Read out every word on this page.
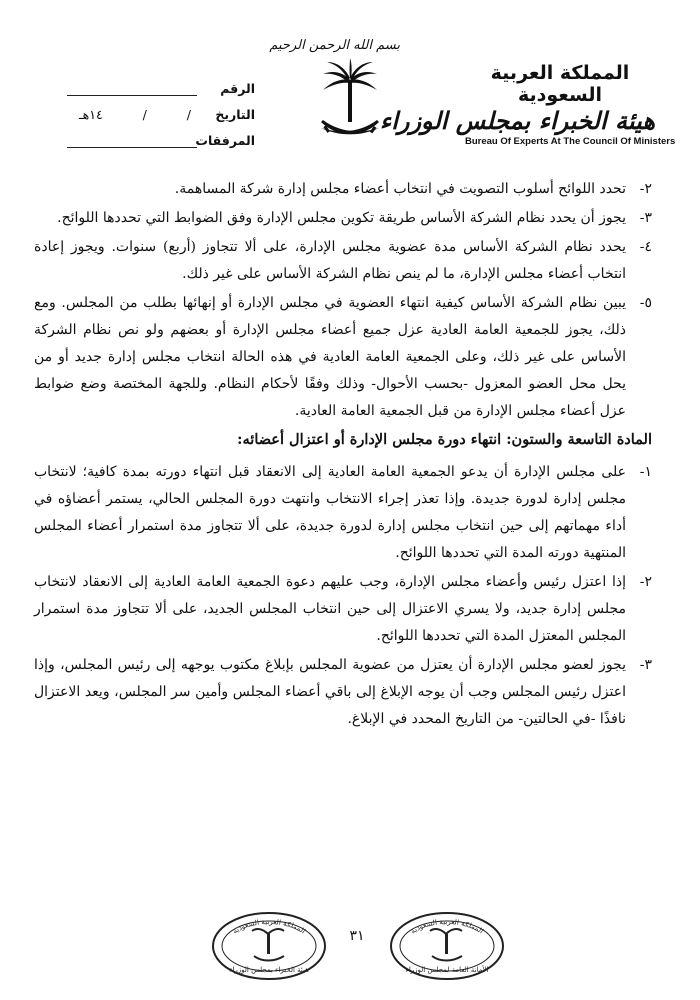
المملكة العربية السعودية
هيئة الخبراء بمجلس الوزراء
Bureau Of Experts At The Council Of Ministers
بسم الله الرحمن الرحيم
الرقم
التاريخ
/
/
١٤هـ
المرفقات
٢-
تحدد اللوائح أسلوب التصويت في انتخاب أعضاء مجلس إدارة شركة المساهمة.
٣-
يجوز أن يحدد نظام الشركة الأساس طريقة تكوين مجلس الإدارة وفق الضوابط التي تحددها اللوائح.
٤-
يحدد نظام الشركة الأساس مدة عضوية مجلس الإدارة، على ألا تتجاوز (أربع) سنوات. ويجوز إعادة انتخاب أعضاء مجلس الإدارة، ما لم ينص نظام الشركة الأساس على غير ذلك.
٥-
يبين نظام الشركة الأساس كيفية انتهاء العضوية في مجلس الإدارة أو إنهائها بطلب من المجلس. ومع ذلك، يجوز للجمعية العامة العادية عزل جميع أعضاء مجلس الإدارة أو بعضهم ولو نص نظام الشركة الأساس على غير ذلك، وعلى الجمعية العامة العادية في هذه الحالة انتخاب مجلس إدارة جديد أو من يحل محل العضو المعزول -بحسب الأحوال- وذلك وفقًا لأحكام النظام. وللجهة المختصة وضع ضوابط عزل أعضاء مجلس الإدارة من قبل الجمعية العامة العادية.
المادة التاسعة والستون: انتهاء دورة مجلس الإدارة أو اعتزال أعضائه:
١-
على مجلس الإدارة أن يدعو الجمعية العامة العادية إلى الانعقاد قبل انتهاء دورته بمدة كافية؛ لانتخاب مجلس إدارة لدورة جديدة. وإذا تعذر إجراء الانتخاب وانتهت دورة المجلس الحالي، يستمر أعضاؤه في أداء مهماتهم إلى حين انتخاب مجلس إدارة لدورة جديدة، على ألا تتجاوز مدة استمرار أعضاء المجلس المنتهية دورته المدة التي تحددها اللوائح.
٢-
إذا اعتزل رئيس وأعضاء مجلس الإدارة، وجب عليهم دعوة الجمعية العامة العادية إلى الانعقاد لانتخاب مجلس إدارة جديد، ولا يسري الاعتزال إلى حين انتخاب المجلس الجديد، على ألا تتجاوز مدة استمرار المجلس المعتزل المدة التي تحددها اللوائح.
٣-
يجوز لعضو مجلس الإدارة أن يعتزل من عضوية المجلس بإبلاغ مكتوب يوجهه إلى رئيس المجلس، وإذا اعتزل رئيس المجلس وجب أن يوجه الإبلاغ إلى باقي أعضاء المجلس وأمين سر المجلس، ويعد الاعتزال نافذًا -في الحالتين- من التاريخ المحدد في الإبلاغ.
المملكة العربية السعودية
هيئة الخبراء بمجلس الوزراء
٣١	المملكة العربية السعودية
الأمانة العامة لمجلس الوزراء
